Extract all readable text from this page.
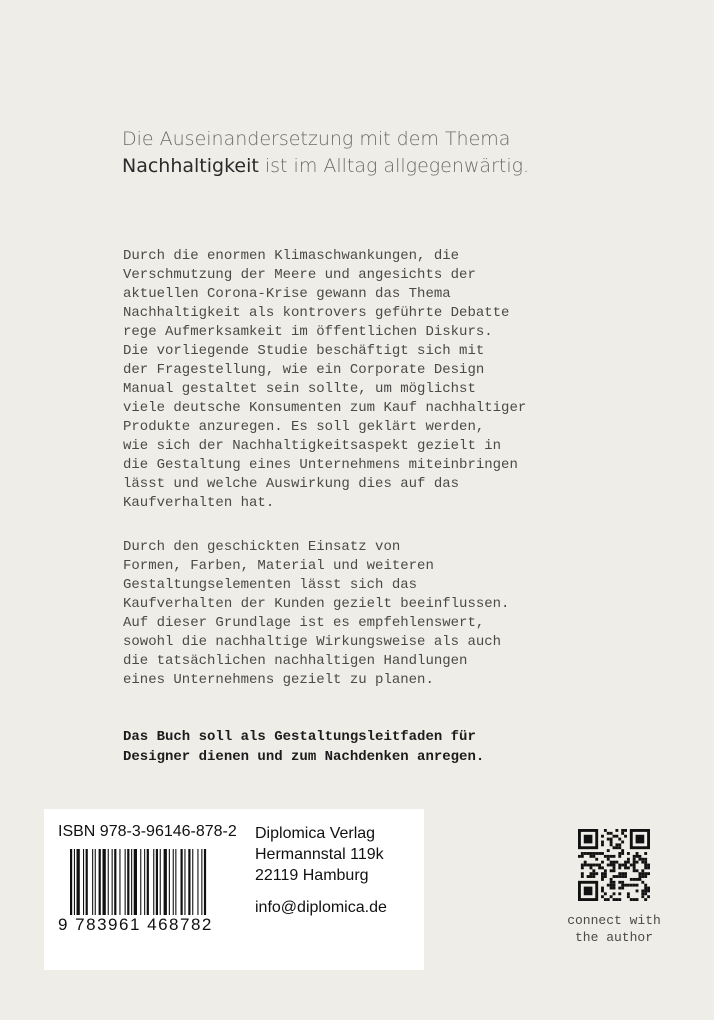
Die Auseinandersetzung mit dem Thema Nachhaltigkeit ist im Alltag allgegenwärtig.
Durch die enormen Klimaschwankungen, die
Verschmutzung der Meere und angesichts der
aktuellen Corona-Krise gewann das Thema
Nachhaltigkeit als kontrovers geführte Debatte
rege Aufmerksamkeit im öffentlichen Diskurs.
Die vorliegende Studie beschäftigt sich mit
der Fragestellung, wie ein Corporate Design
Manual gestaltet sein sollte, um möglichst
viele deutsche Konsumenten zum Kauf nachhaltiger
Produkte anzuregen. Es soll geklärt werden,
wie sich der Nachhaltigkeitsaspekt gezielt in
die Gestaltung eines Unternehmens miteinbringen
lässt und welche Auswirkung dies auf das
Kaufverhalten hat.
Durch den geschickten Einsatz von
Formen, Farben, Material und weiteren
Gestaltungselementen lässt sich das
Kaufverhalten der Kunden gezielt beeinflussen.
Auf dieser Grundlage ist es empfehlenswert,
sowohl die nachhaltige Wirkungsweise als auch
die tatsächlichen nachhaltigen Handlungen
eines Unternehmens gezielt zu planen.
Das Buch soll als Gestaltungsleitfaden für
Designer dienen und zum Nachdenken anregen.
ISBN 978-3-96146-878-2
9 783961 468782
Diplomica Verlag
Hermannstal 119k
22119 Hamburg
info@diplomica.de
connect with
the author
